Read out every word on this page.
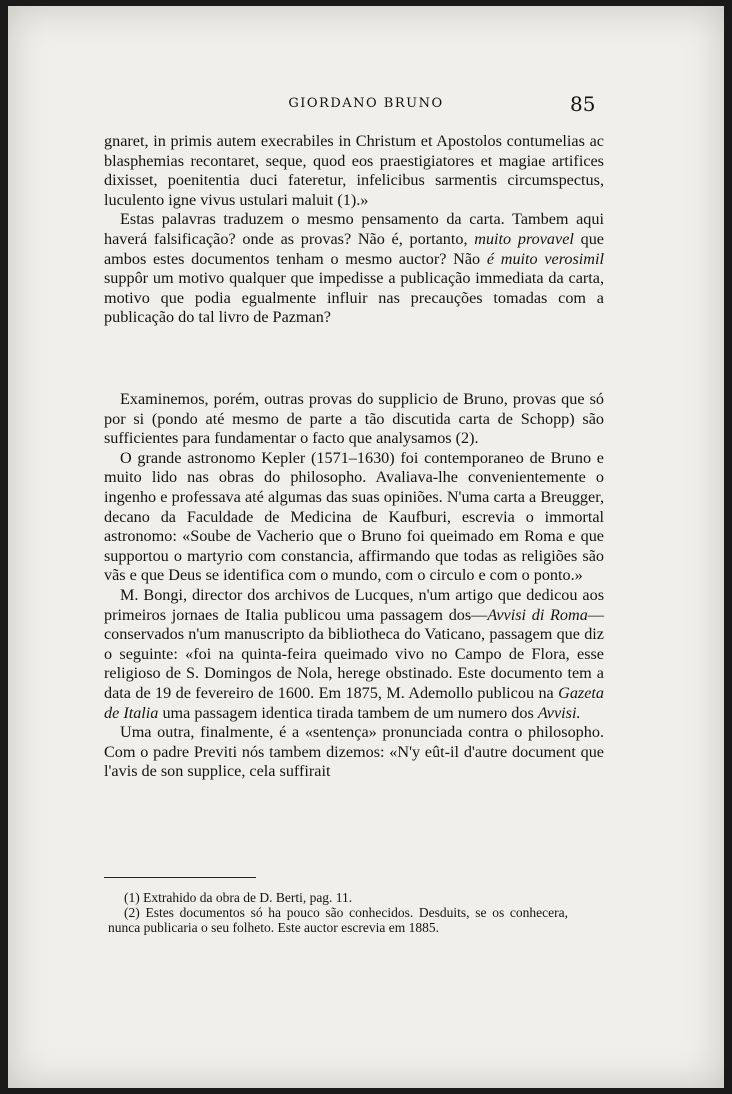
GIORDANO BRUNO	85

gnaret, in primis autem execrabiles in Christum et Apostolos contumelias ac blasphemias recontaret, seque, quod eos praestigiatores et magiae artifices dixisset, poenitentia duci fateretur, infelicibus sarmentis circumspectus, luculento igne vivus ustulari maluit (1).»

Estas palavras traduzem o mesmo pensamento da carta. Tambem aqui haverá falsificação? onde as provas? Não é, portanto, muito provavel que ambos estes documentos tenham o mesmo auctor? Não é muito verosimil suppôr um motivo qualquer que impedisse a publicação immediata da carta, motivo que podia egualmente influir nas precauções tomadas com a publicação do tal livro de Pazman?

Examinemos, porém, outras provas do supplicio de Bruno, provas que só por si (pondo até mesmo de parte a tão discutida carta de Schopp) são sufficientes para fundamentar o facto que analysamos (2).

O grande astronomo Kepler (1571–1630) foi contemporaneo de Bruno e muito lido nas obras do philosopho. Avaliava-lhe convenientemente o ingenho e professava até algumas das suas opiniões. N'uma carta a Breugger, decano da Faculdade de Medicina de Kaufburi, escrevia o immortal astronomo: «Soube de Vacherio que o Bruno foi queimado em Roma e que supportou o martyrio com constancia, affirmando que todas as religiões são vãs e que Deus se identifica com o mundo, com o circulo e com o ponto.»

M. Bongi, director dos archivos de Lucques, n'um artigo que dedicou aos primeiros jornaes de Italia publicou uma passagem dos—Avvisi di Roma—conservados n'um manuscripto da bibliotheca do Vaticano, passagem que diz o seguinte: «foi na quinta-feira queimado vivo no Campo de Flora, esse religioso de S. Domingos de Nola, herege obstinado. Este documento tem a data de 19 de fevereiro de 1600. Em 1875, M. Ademollo publicou na Gazeta de Italia uma passagem identica tirada tambem de um numero dos Avvisi.

Uma outra, finalmente, é a «sentença» pronunciada contra o philosopho. Com o padre Previti nós tambem dizemos: «N'y eût-il d'autre document que l'avis de son supplice, cela suffirait

(1) Extrahido da obra de D. Berti, pag. 11.

(2) Estes documentos só ha pouco são conhecidos. Desduits, se os conhecera, nunca publicaria o seu folheto. Este auctor escrevia em 1885.
